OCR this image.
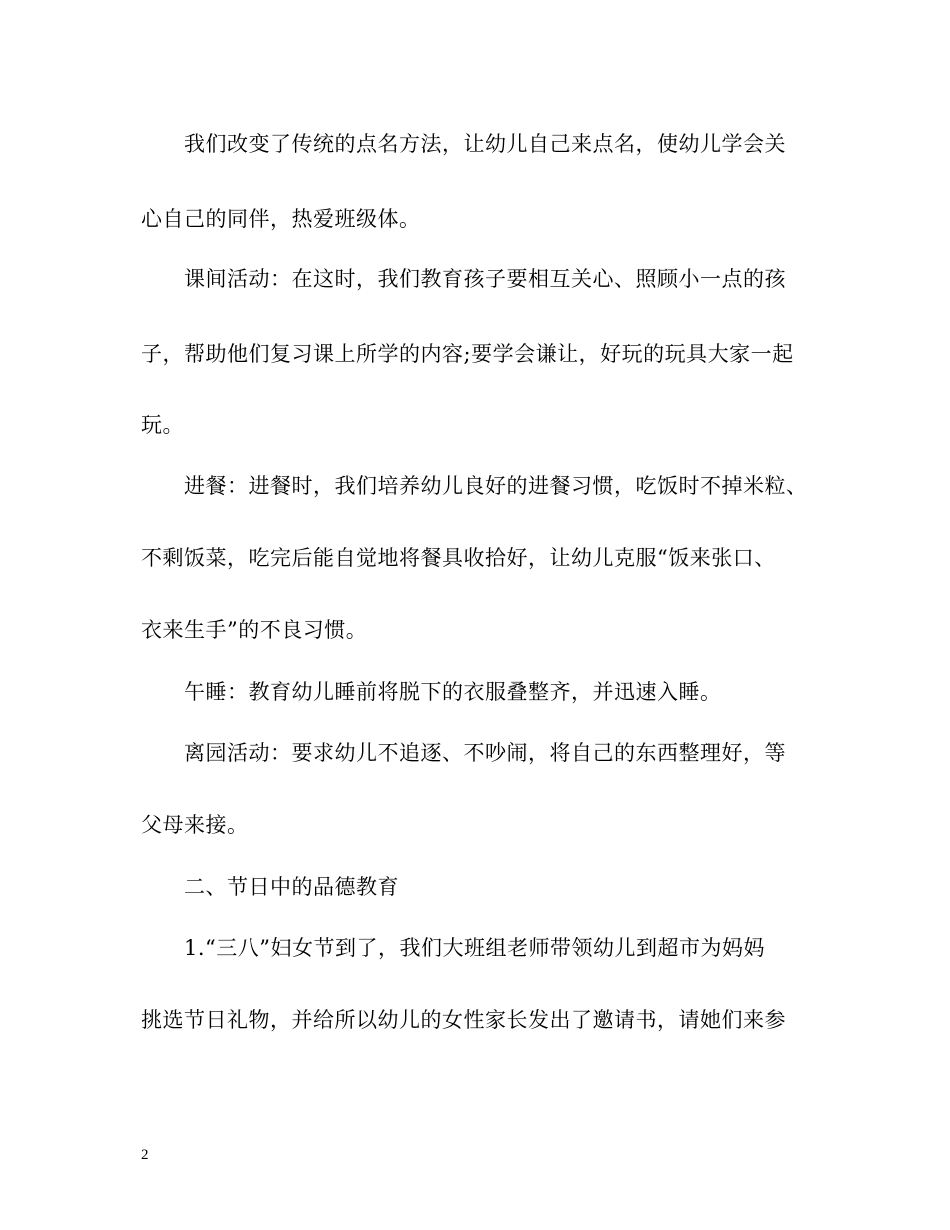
我们改变了传统的点名方法，让幼儿自己来点名，使幼儿学会关
心自己的同伴，热爱班级体。
课间活动：在这时，我们教育孩子要相互关心、照顾小一点的孩
子，帮助他们复习课上所学的内容;要学会谦让，好玩的玩具大家一起
玩。
进餐：进餐时，我们培养幼儿良好的进餐习惯，吃饭时不掉米粒、
不剩饭菜，吃完后能自觉地将餐具收拾好，让幼儿克服“饭来张口、
衣来生手”的不良习惯。
午睡：教育幼儿睡前将脱下的衣服叠整齐，并迅速入睡。
离园活动：要求幼儿不追逐、不吵闹，将自己的东西整理好，等
父母来接。
二、节日中的品德教育
1.“三八”妇女节到了，我们大班组老师带领幼儿到超市为妈妈
挑选节日礼物，并给所以幼儿的女性家长发出了邀请书，请她们来参
2
